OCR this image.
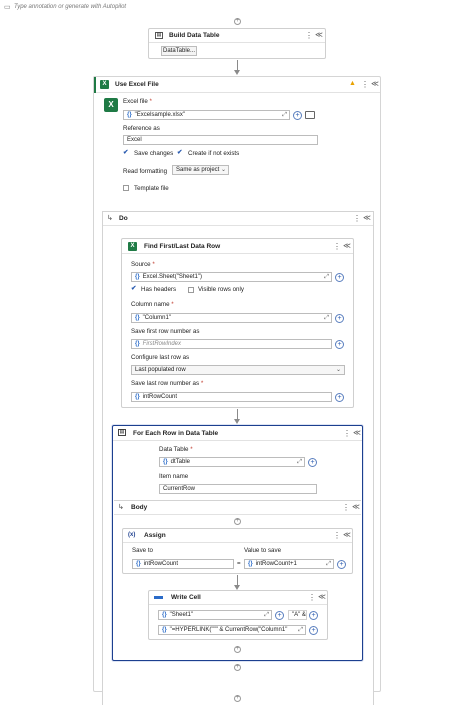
▭ Type annotation or generate with Autopilot
+
▤ Build Data Table	⋮ ≪
DataTable...
X	Use Excel File	▲ ⋮ ≪
X	Excel file *
{} "Excelsample.xlsx"	⤢	+
Reference as
Excel
✔ Save changes ✔ Create if not exists
Read formatting	Same as project ⌄
Template file
↳ Do	⋮ ≪
X	Find First/Last Data Row	⋮ ≪
Source *
{} Excel.Sheet("Sheet1")	⤢	+
✔ Has headers	Visible rows only
Column name *
{} "Column1"	⤢	+
Save first row number as
{} FirstRowIndex	+
Configure last row as
Last populated row	⌄
Save last row number as *
{} intRowCount	+
▤ For Each Row in Data Table	⋮ ≪
Data Table *
{} dtTable	⤢	+
Item name
CurrentRow
↳ Body	⋮ ≪
+
(x) Assign	⋮ ≪
Save to
{} intRowCount	=
Value to save
{} intRowCount+1	⤢	+
Write Cell	⋮ ≪
{} "Sheet1"	⤢	+	"A" & +
{} "=HYPERLINK(""" & CurrentRow("Column1" ⤢	+
+
+
+
